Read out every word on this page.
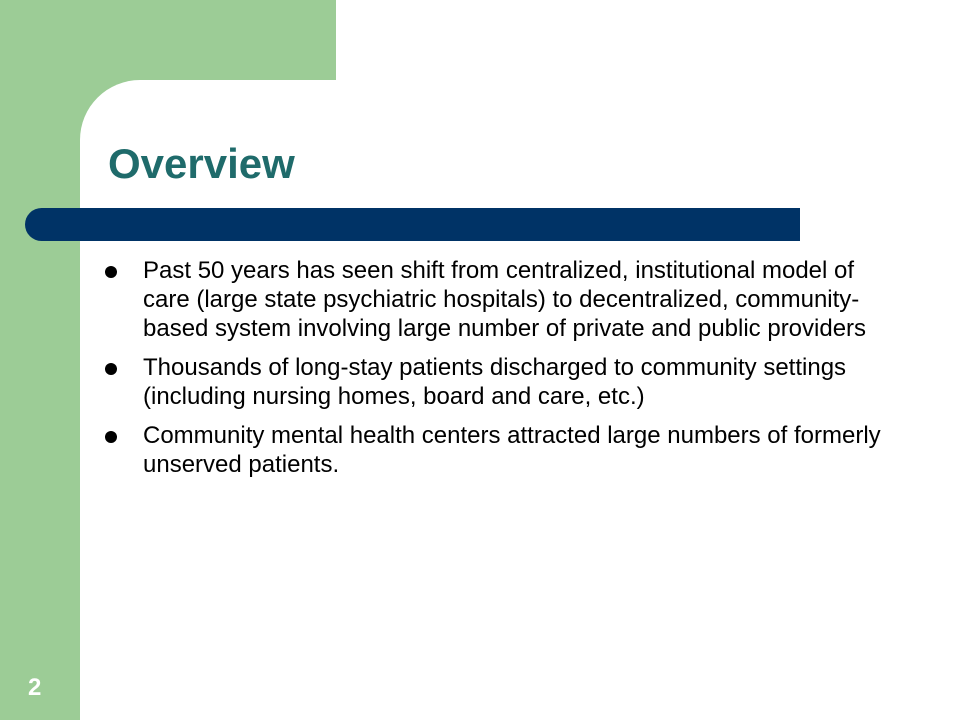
Overview
Past 50 years has seen shift from centralized, institutional model of care (large state psychiatric hospitals) to decentralized, community-based system involving large number of private and public providers
Thousands of long-stay patients discharged to community settings (including nursing homes, board and care, etc.)
Community mental health centers attracted large numbers of formerly unserved patients.
2
